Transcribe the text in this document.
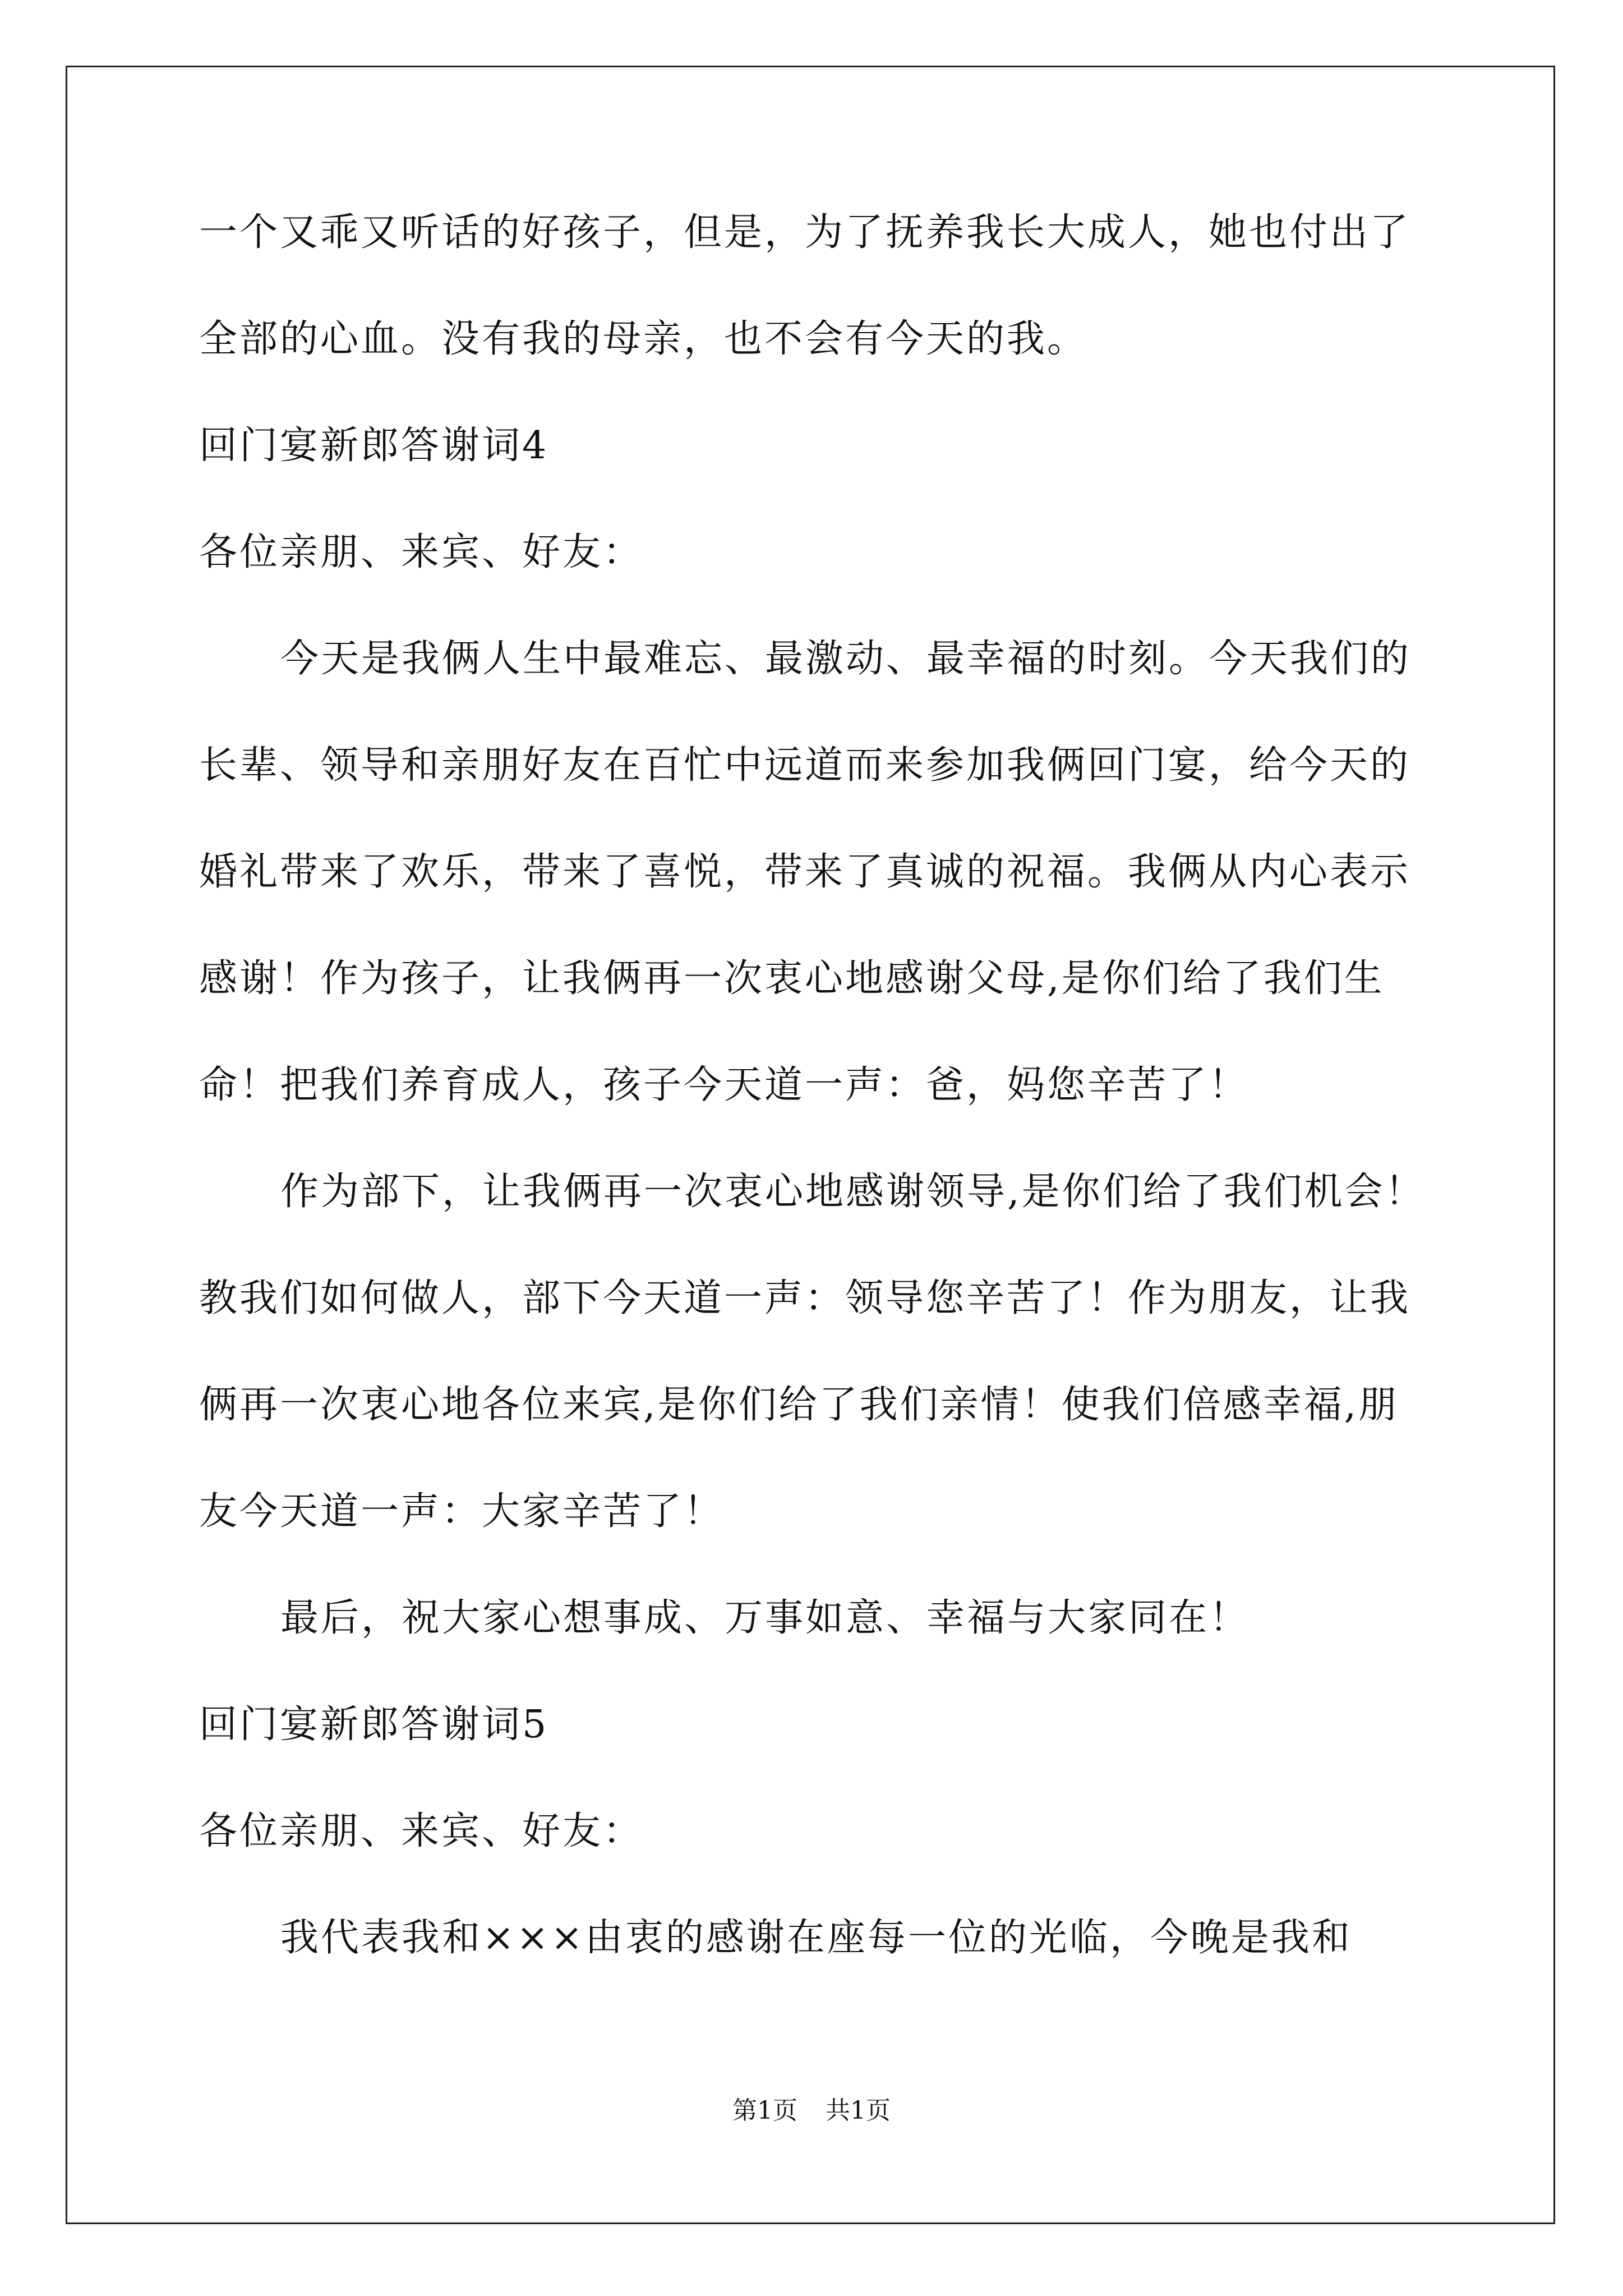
一个又乖又听话的好孩子，但是，为了抚养我长大成人，她也付出了
全部的心血。没有我的母亲，也不会有今天的我。
回门宴新郎答谢词4
各位亲朋、来宾、好友：
今天是我俩人生中最难忘、最激动、最幸福的时刻。今天我们的
长辈、领导和亲朋好友在百忙中远道而来参加我俩回门宴，给今天的
婚礼带来了欢乐，带来了喜悦，带来了真诚的祝福。我俩从内心表示
感谢！作为孩子，让我俩再一次衷心地感谢父母,是你们给了我们生
命！把我们养育成人，孩子今天道一声：爸，妈您辛苦了！
作为部下，让我俩再一次衷心地感谢领导,是你们给了我们机会！
教我们如何做人，部下今天道一声：领导您辛苦了！作为朋友，让我
俩再一次衷心地各位来宾,是你们给了我们亲情！使我们倍感幸福,朋
友今天道一声：大家辛苦了！
最后，祝大家心想事成、万事如意、幸福与大家同在！
回门宴新郎答谢词5
各位亲朋、来宾、好友：
我代表我和×××由衷的感谢在座每一位的光临，今晚是我和
第1页 共1页
